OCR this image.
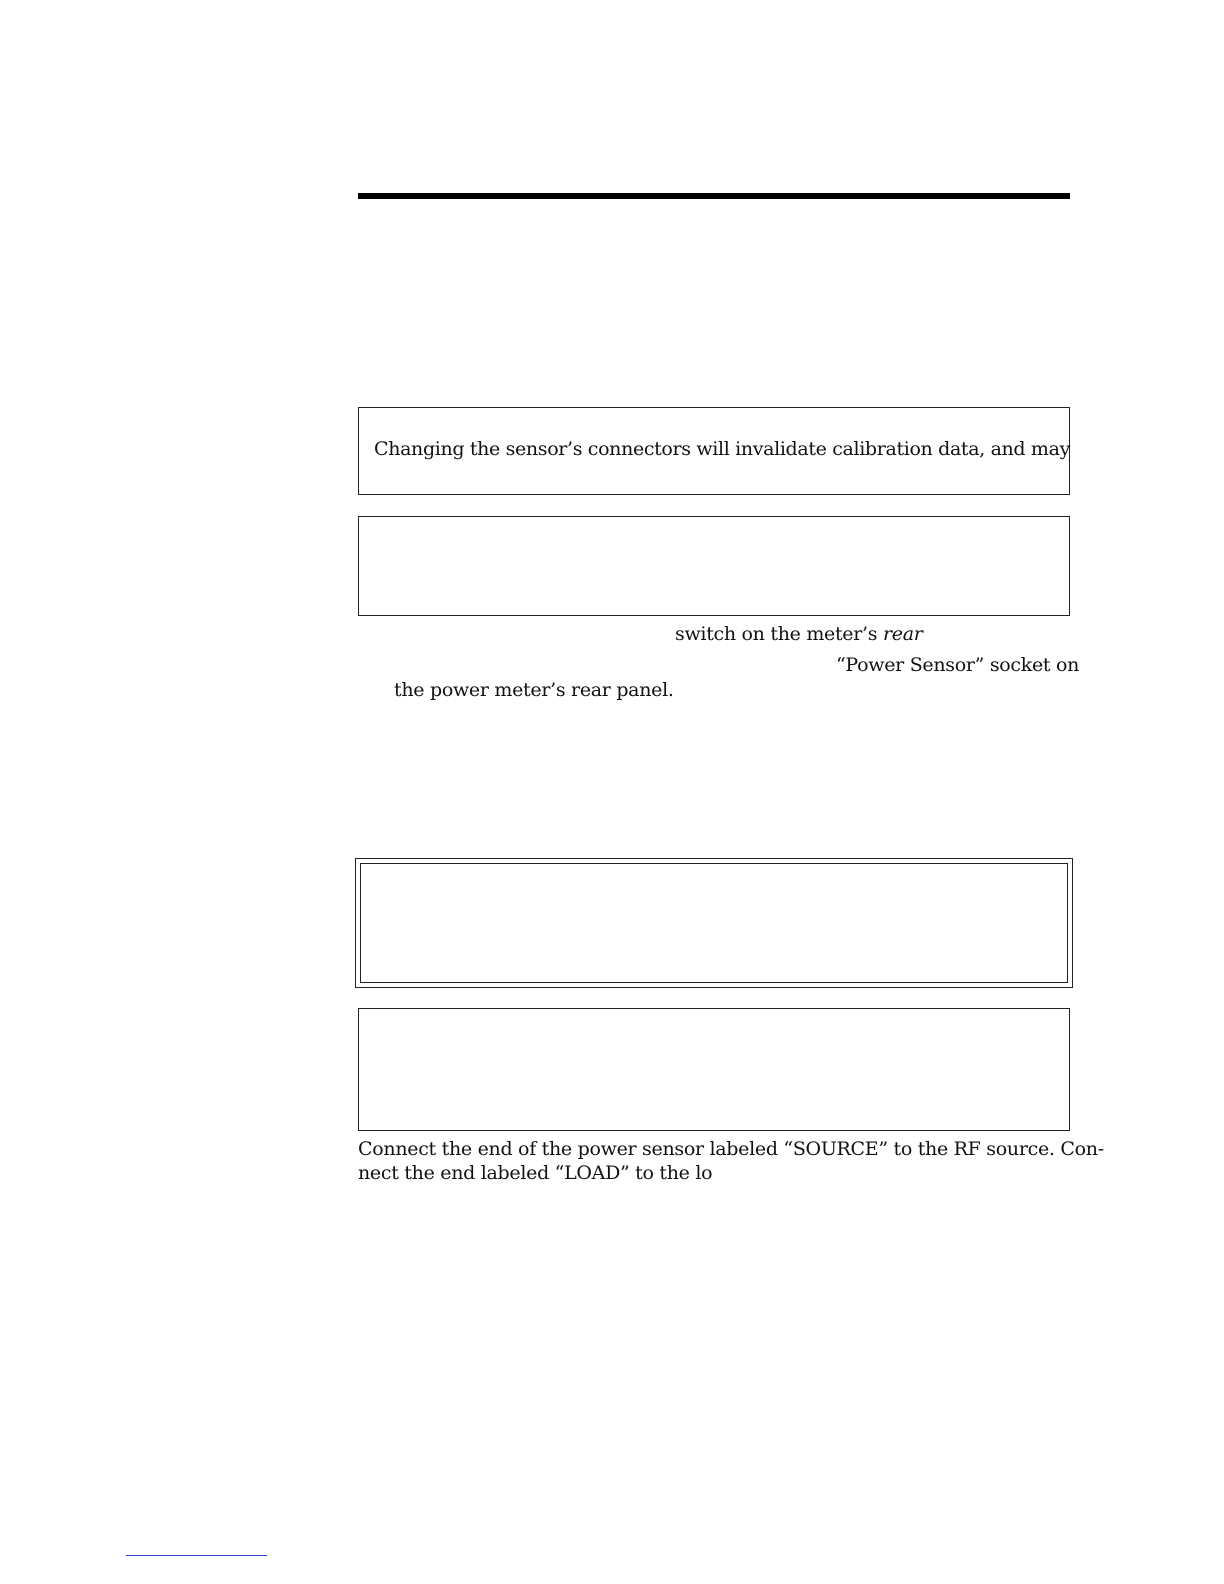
Changing the sensor’s connectors will invalidate calibration data, and may
switch on the meter’s rear
“Power Sensor” socket on
the power meter’s rear panel.
Connect the end of the power sensor labeled “SOURCE” to the RF source. Con-
nect the end labeled “LOAD” to the lo
